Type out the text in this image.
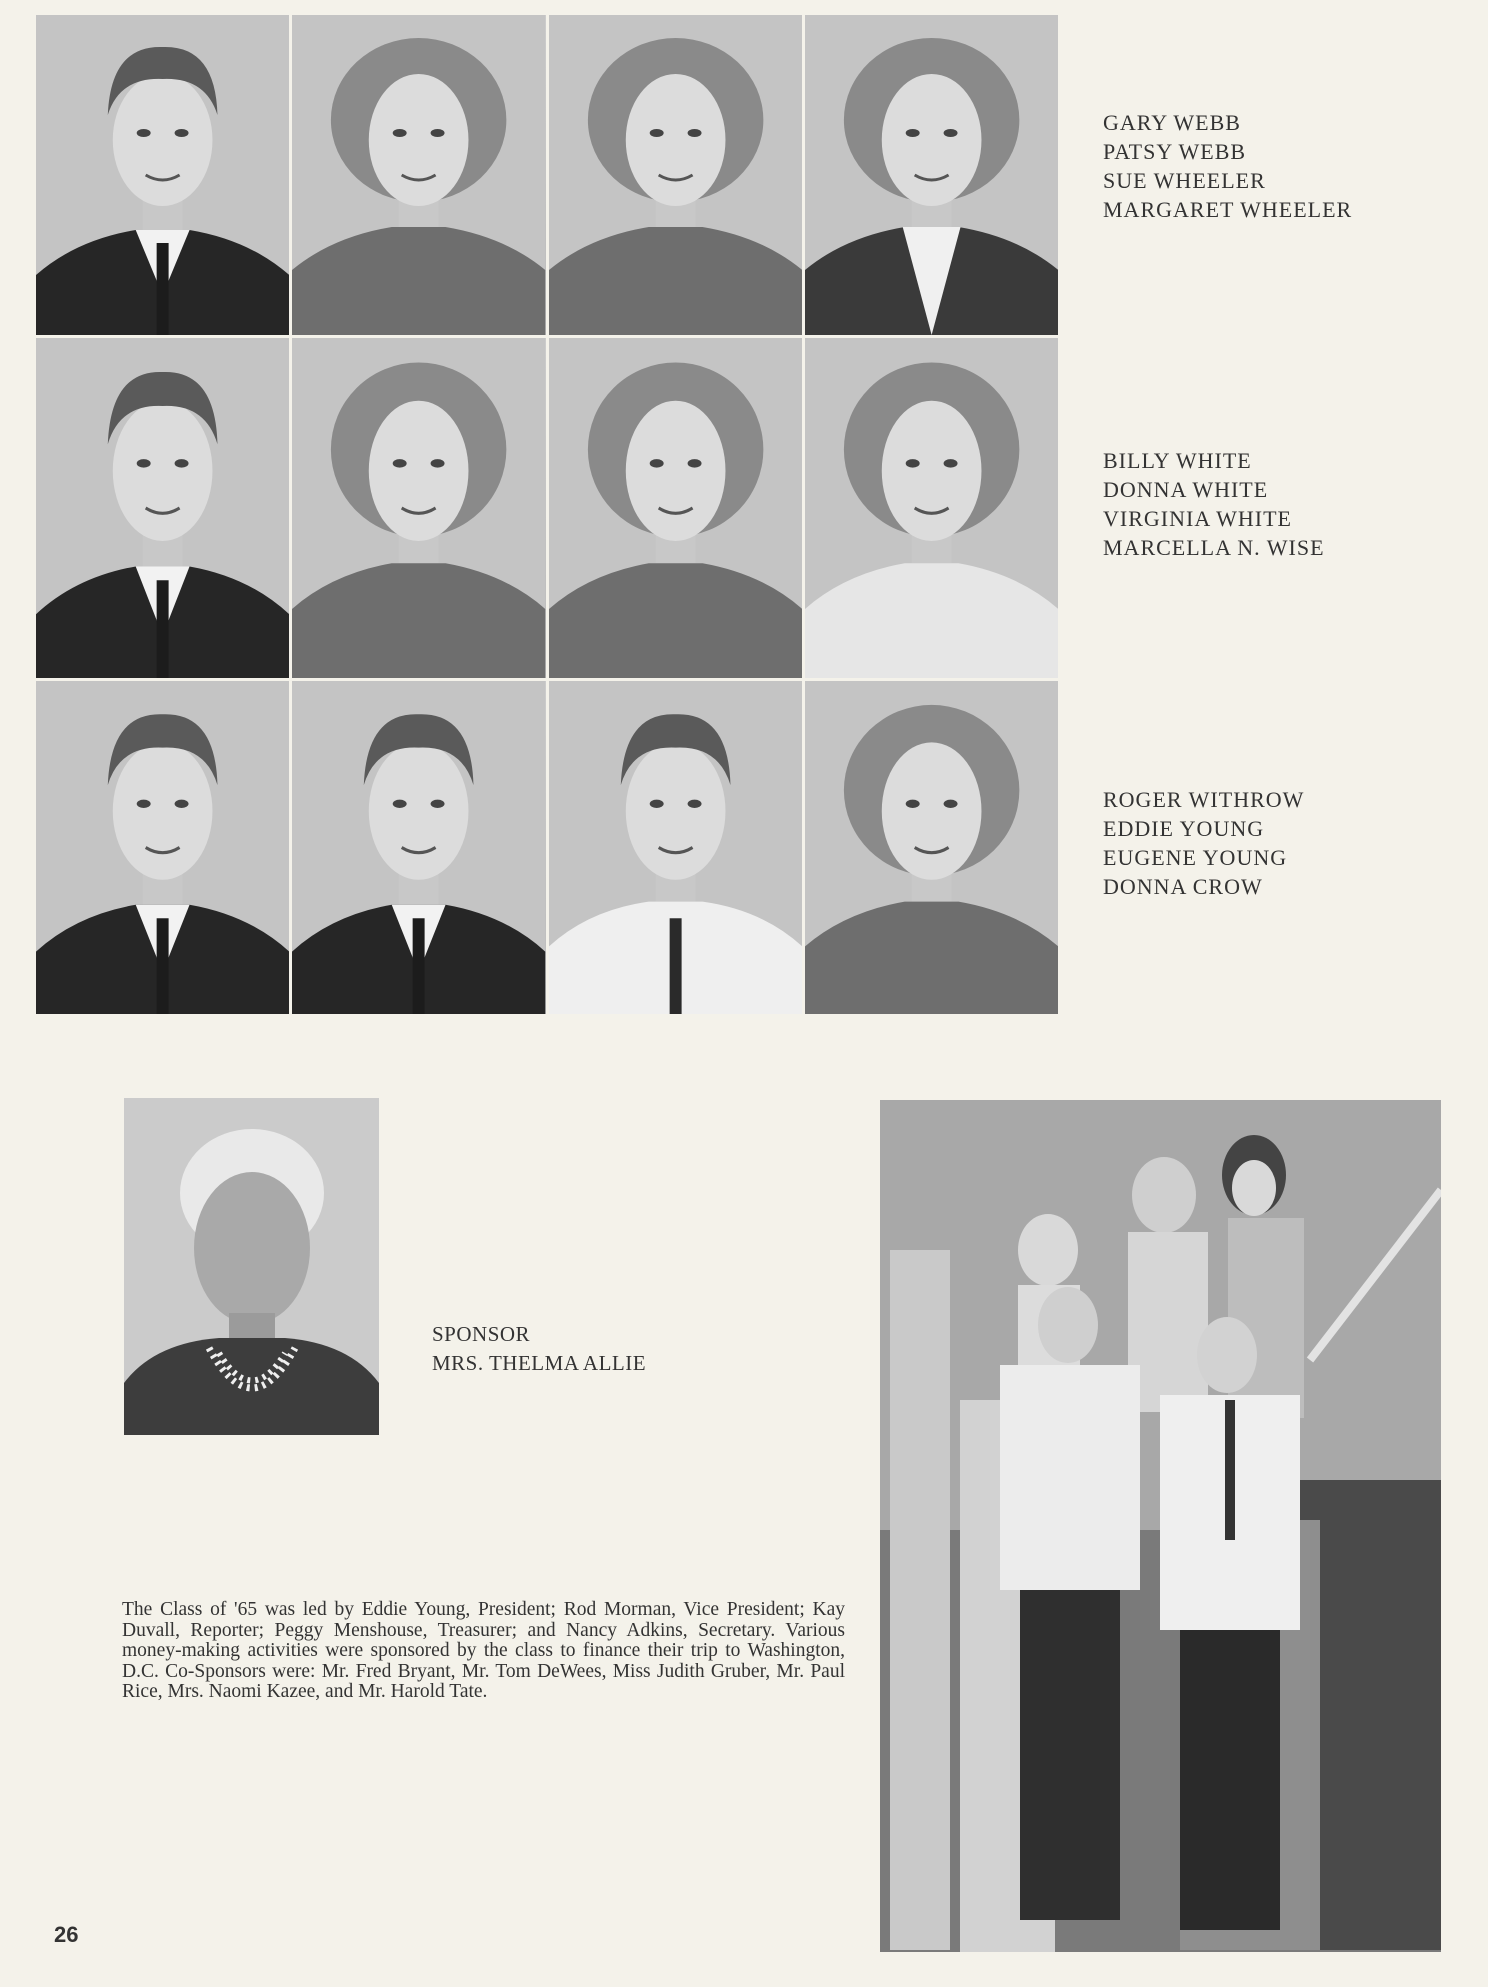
GARY WEBB
PATSY WEBB
SUE WHEELER
MARGARET WHEELER
BILLY WHITE
DONNA WHITE
VIRGINIA WHITE
MARCELLA N. WISE
ROGER WITHROW
EDDIE YOUNG
EUGENE YOUNG
DONNA CROW
SPONSOR
MRS. THELMA ALLIE
The Class of '65 was led by Eddie Young, President; Rod Morman, Vice President; Kay Duvall, Reporter; Peggy Menshouse, Treasurer; and Nancy Adkins, Secretary. Various money-making activities were sponsored by the class to finance their trip to Washington, D.C. Co-Sponsors were: Mr. Fred Bryant, Mr. Tom DeWees, Miss Judith Gruber, Mr. Paul Rice, Mrs. Naomi Kazee, and Mr. Harold Tate.
26
